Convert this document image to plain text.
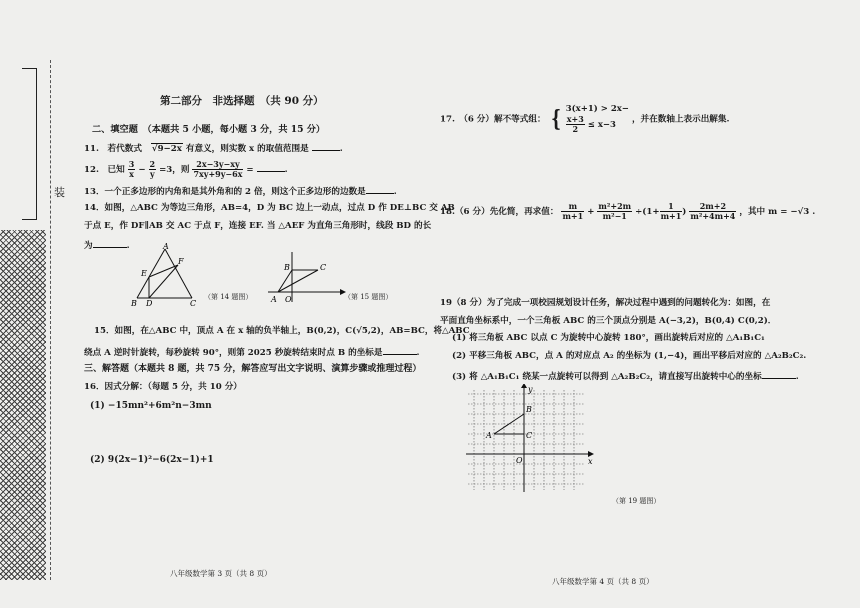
装
第二部分　非选择题　（共 90 分）
二、填空题　（本题共 5 小题，每小题 3 分，共 15 分）
11.　若代数式 √9−2x 有意义，则实数 x 的取值范围是	.
12.　已知 $\frac{3}{x} - \frac{2}{y} =3$，则 $\frac{2x-3y-xy}{7xy+9y-6x}$ =	.
13．一个正多边形的内角和是其外角和的 2 倍，则这个正多边形的边数是	.
14．如图，△ABC 为等边三角形，AB=4，D 为 BC 边上一动点，过点 D 作 DE⊥BC 交 AB
于点 E，作 DF∥AB 交 AC 于点 F，连接 EF. 当 △AEF 为直角三角形时，线段 BD 的长
为	.	A
B	C
D
E
F
（第 14 题图）
B	C
A O	（第 15 题图）
15．如图，在△ABC 中，顶点 A 在 x 轴的负半轴上，B(0,2)，C(√5,2)，AB=BC，将△ABC
绕点 A 逆时针旋转，每秒旋转 90°，则第 2025 秒旋转结束时点 B 的坐标是	.
三、解答题（本题共 8 题，共 75 分，解答应写出文字说明、演算步骤或推理过程）
16．因式分解：（每题 5 分，共 10 分）
(1) −15mn²+6m²n−3mn
(2) 9(2x−1)²−6(2x−1)+1
八年级数学第 3 页（共 8 页）
17.　（6 分）解不等式组： { 3(x+1) > 2x−
$\frac{x+3}{2} \le x-3$
，并在数轴上表示出解集.
18.（6 分）先化简，再求值： $\frac{m}{m+1} + \frac{\text{m²+2m}}{\text{m²−1}} \div(1+ \frac{1}{m+1}$ ) $\frac{2m+2}{\text{m²+4m+4}}$ ，其中 m = −√3 .
19（8 分）为了完成一项校园规划设计任务，解决过程中遇到的问题转化为：如图，在
平面直角坐标系中，一个三角板 ABC 的三个顶点分别是 A(−3,2)，B(0,4) C(0,2)．
(1) 将三角板 ABC 以点 C 为旋转中心旋转 180°，画出旋转后对应的 △A₁B₁C₁
(2) 平移三角板 ABC，点 A 的对应点 A₂ 的坐标为 (1,−4)，画出平移后对应的 △A₂B₂C₂.
(3) 将 △A₁B₁C₁ 绕某一点旋转可以得到 △A₂B₂C₂，请直接写出旋转中心的坐标	.
y
x
B
C
A
O
（第 19 题图）
八年级数学第 4 页（共 8 页）
